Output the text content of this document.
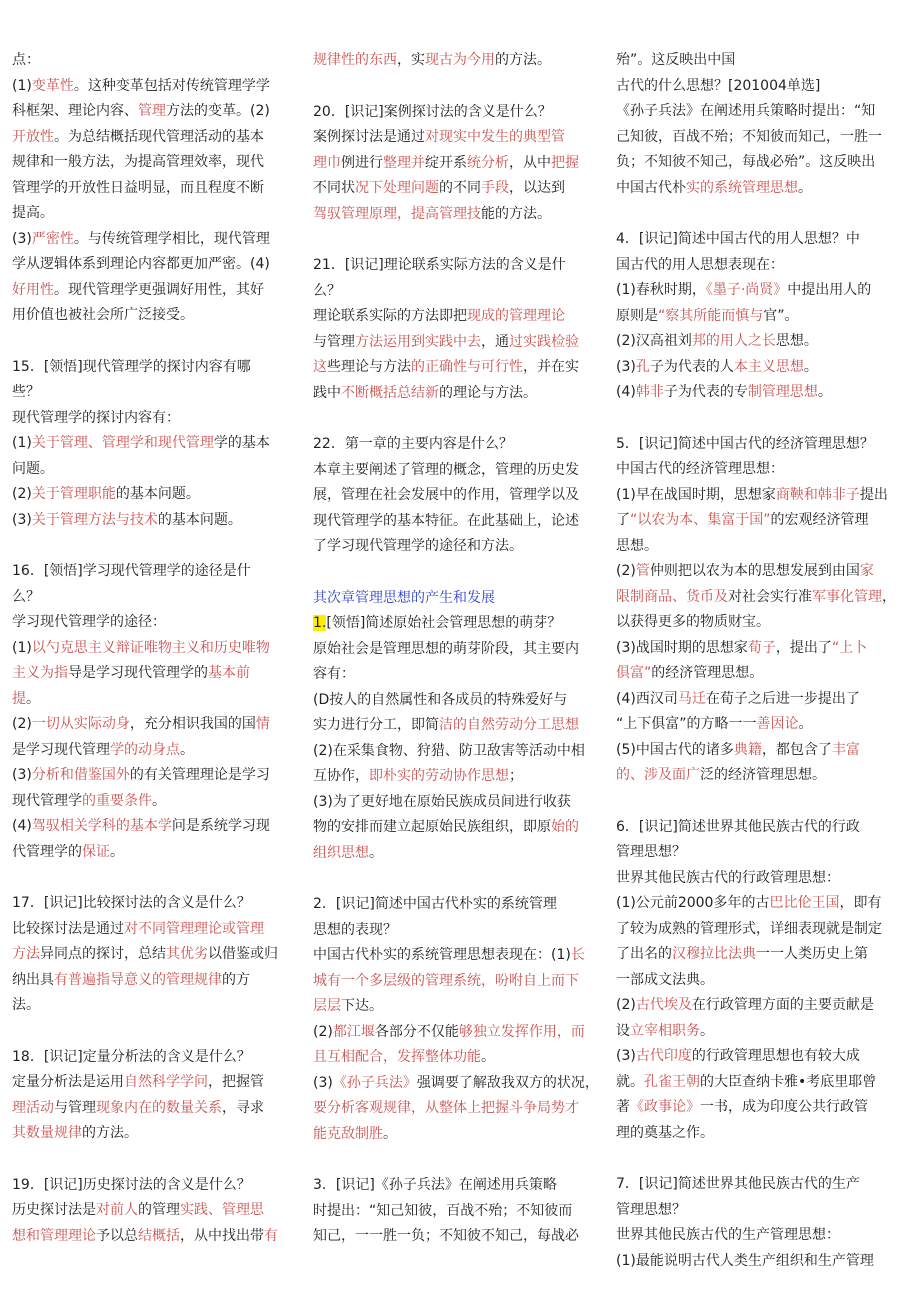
点：

(1)变革性。这种变革包括对传统管理学学

科框架、理论内容、管理方法的变革。(2)

开放性。为总结概括现代管理活动的基本

规律和一般方法，为提高管理效率，现代

管理学的开放性日益明显，而且程度不断

提高。

(3)严密性。与传统管理学相比，现代管理

学从逻辑体系到理论内容都更加严密。(4)

好用性。现代管理学更强调好用性，其好

用价值也被社会所广泛接受。

15．[领悟]现代管理学的探讨内容有哪

些？

现代管理学的探讨内容有：

(1)关于管理、管理学和现代管理学的基本

问题。

(2)关于管理职能的基本问题。

(3)关于管理方法与技术的基本问题。

16．[领悟]学习现代管理学的途径是什

么？

学习现代管理学的途径：

(1)以勺克思主义辩证唯物主义和历史唯物

主义为指导是学习现代管理学的基本前

提。

(2)一切从实际动身，充分相识我国的国情

是学习现代管理学的动身点。

(3)分析和借鉴国外的有关管理理论是学习

现代管理学的重要条件。

(4)驾驭相关学科的基本学问是系统学习现

代管理学的保证。

17．[识记]比较探讨法的含义是什么？

比较探讨法是通过对不同管理理论或管理

方法异同点的探讨，总结其优劣以借鉴或归

纳出具有普遍指导意义的管理规律的方

法。

18．[识记]定量分析法的含义是什么？

定量分析法是运用自然科学学问，把握管

理活动与管理现象内在的数量关系，寻求

其数量规律的方法。

19．[识记]历史探讨法的含义是什么？

历史探讨法是对前人的管理实践、管理思

想和管理理论予以总结概括，从中找出带有

规律性的东西，实现古为今用的方法。

20．[识记]案例探讨法的含义是什么？

案例探讨法是通过对现实中发生的典型管

理巾例进行整理并绽开系统分析，从中把握

不同状况下处理问题的不同手段，以达到

驾驭管理原理，提高管理技能的方法。

21．[识记]理论联系实际方法的含义是什

么？

理论联系实际的方法即把现成的管理理论

与管理方法运用到实践中去，通过实践检验

这些理论与方法的正确性与可行性，并在实

践中不断概括总结新的理论与方法。

22．第一章的主要内容是什么？

本章主要阐述了管理的概念，管理的历史发

展，管理在社会发展中的作用，管理学以及

现代管理学的基本特征。在此基础上，论述

了学习现代管理学的途径和方法。

其次章管理思想的产生和发展

1.[领悟]简述原始社会管理思想的萌芽？

原始社会是管理思想的萌芽阶段，其主要内

容有：

(D按人的自然属性和各成员的特殊爱好与

实力进行分工，即简洁的自然劳动分工思想

(2)在采集食物、狩猎、防卫敌害等活动中相

互协作，即朴实的劳动协作思想；

(3)为了更好地在原始民族成员间进行收获

物的安排而建立起原始民族组织，即原始的

组织思想。

2．[识记]简述中国古代朴实的系统管理

思想的表现？

中国古代朴实的系统管理思想表现在：(1)长

城有一个多层级的管理系统，吩咐自上而下

层层下达。

(2)都江堰各部分不仅能够独立发挥作用，而

且互相配合，发挥整体功能。

(3)《孙子兵法》强调要了解敌我双方的状况，

要分析客观规律，从整体上把握斗争局势才

能克敌制胜。

3．[识记]《孙子兵法》在阐述用兵策略

时提出：“知己知彼，百战不殆；不知彼而

知己，一一胜一负；不知彼不知己，每战必

殆”。这反映出中国

古代的什么思想？[201004单选]

《孙子兵法》在阐述用兵策略时提出：“知

己知彼，百战不殆；不知彼而知己，一胜一

负；不知彼不知己，每战必殆”。这反映出

中国古代朴实的系统管理思想。

4．[识记]简述中国古代的用人思想？中

国古代的用人思想表现在：

(1)春秋时期，《墨子·尚贤》中提出用人的

原则是“察其所能而慎与官”。

(2)汉高祖刘邦的用人之长思想。

(3)孔子为代表的人本主义思想。

(4)韩非子为代表的专制管理思想。

5．[识记]简述中国古代的经济管理思想？

中国古代的经济管理思想：

(1)早在战国时期，思想家商鞅和韩非子提出

了“以农为本、集富于国”的宏观经济管理

思想。

(2)管仲则把以农为本的思想发展到由国家

限制商品、货币及对社会实行准军事化管理，

以获得更多的物质财宝。

(3)战国时期的思想家荀子，提出了“上卜

俱富”的经济管理思想。

(4)西汉司马迁在荀子之后进一步提出了

“上下俱富”的方略一一善因论。

(5)中国古代的诸多典籍，都包含了丰富

的、涉及面广泛的经济管理思想。

6．[识记]简述世界其他民族古代的行政

管理思想？

世界其他民族古代的行政管理思想：

(1)公元前2000多年的古巴比伦王国，即有

了较为成熟的管理形式，详细表现就是制定

了出名的汉穆拉比法典一一人类历史上第

一部成文法典。

(2)古代埃及在行政管理方面的主要贡献是

设立宰相职务。

(3)古代印度的行政管理思想也有较大成

就。孔雀王朝的大臣查纳卡雅•考底里耶曾

著《政事论》一书，成为印度公共行政管

理的奠基之作。

7．[识记]简述世界其他民族古代的生产

管理思想？

世界其他民族古代的生产管理思想：

(1)最能说明古代人类生产组织和生产管理
